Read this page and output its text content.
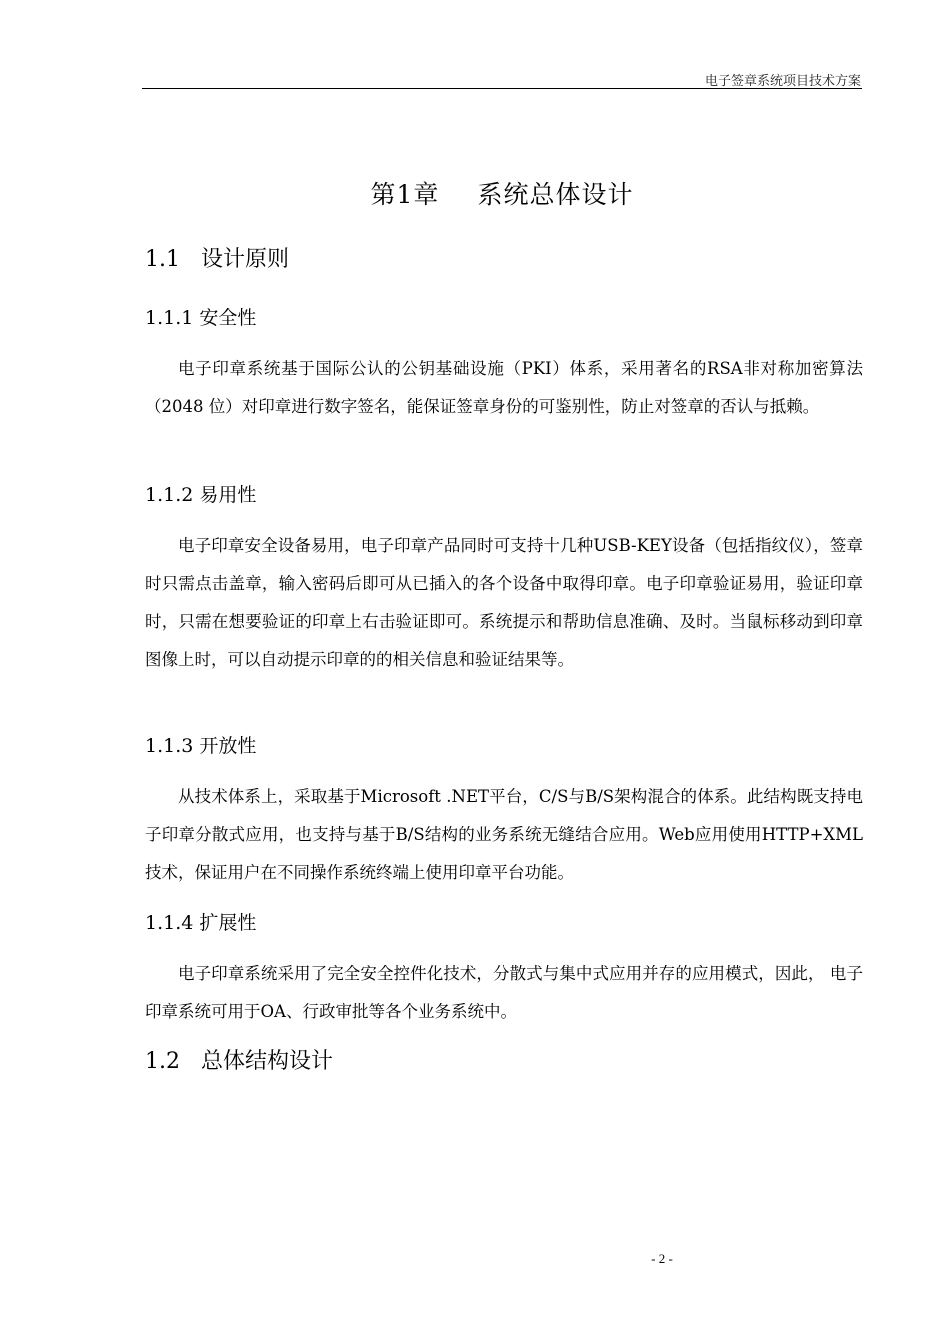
电子签章系统项目技术方案
第1章 系统总体设计
1.1 设计原则
1.1.1 安全性
电子印章系统基于国际公认的公钥基础设施（PKI）体系，采用著名的RSA非对称加密算法（2048 位）对印章进行数字签名，能保证签章身份的可鉴别性，防止对签章的否认与抵赖。
1.1.2 易用性
电子印章安全设备易用，电子印章产品同时可支持十几种USB-KEY设备（包括指纹仪），签章时只需点击盖章，输入密码后即可从已插入的各个设备中取得印章。电子印章验证易用，验证印章时，只需在想要验证的印章上右击验证即可。系统提示和帮助信息准确、及时。当鼠标移动到印章图像上时，可以自动提示印章的的相关信息和验证结果等。
1.1.3 开放性
从技术体系上，采取基于Microsoft .NET平台，C/S与B/S架构混合的体系。此结构既支持电子印章分散式应用，也支持与基于B/S结构的业务系统无缝结合应用。Web应用使用HTTP+XML技术，保证用户在不同操作系统终端上使用印章平台功能。
1.1.4 扩展性
电子印章系统采用了完全安全控件化技术，分散式与集中式应用并存的应用模式，因此， 电子印章系统可用于OA、行政审批等各个业务系统中。
1.2 总体结构设计
- 2 -
